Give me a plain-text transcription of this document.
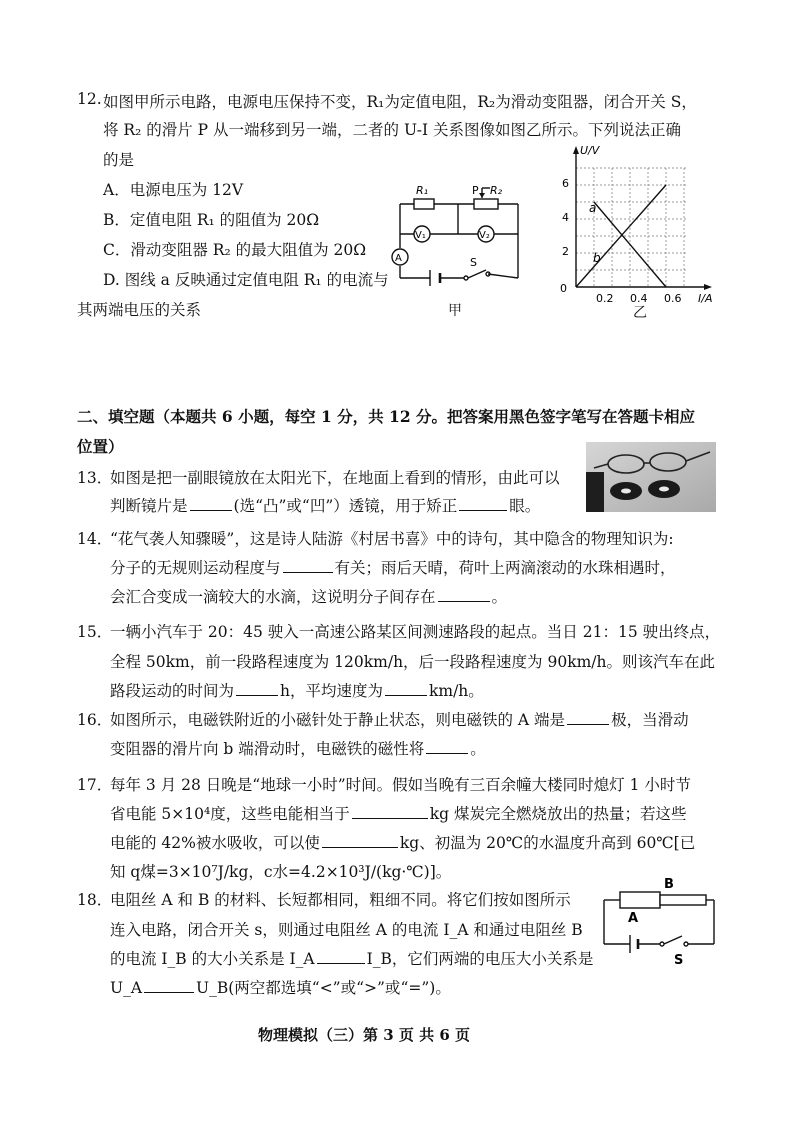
12. 如图甲所示电路，电源电压保持不变，R₁为定值电阻，R₂为滑动变阻器，闭合开关 S，
将 R₂ 的滑片 P 从一端移到另一端，二者的 U-I 关系图像如图乙所示。下列说法正确
的是
A．电源电压为 12V
B．定值电阻 R₁ 的阻值为 20Ω
C．滑动变阻器 R₂ 的最大阻值为 20Ω
D. 图线 a 反映通过定值电阻 R₁ 的电流与
其两端电压的关系
R₁	P R₂
V₁	V₂
A	S
甲
U/V
I/A
0
2
4
6
0.2 0.4 0.6
a
b
乙
二、填空题（本题共 6 小题，每空 1 分，共 12 分。把答案用黑色签字笔写在答题卡相应
位置）
13．
如图是把一副眼镜放在太阳光下，在地面上看到的情形，由此可以
判断镜片是	(选“凸”或“凹”）透镜，用于矫正	眼。
14．
“花气袭人知骤暖”，这是诗人陆游《村居书喜》中的诗句，其中隐含的物理知识为:
分子的无规则运动程度与	有关；雨后天晴，荷叶上两滴滚动的水珠相遇时，
会汇合变成一滴较大的水滴，这说明分子间存在	。
15．
一辆小汽车于 20：45 驶入一高速公路某区间测速路段的起点。当日 21：15 驶出终点，
全程 50km，前一段路程速度为 120km/h，后一段路程速度为 90km/h。则该汽车在此
路段运动的时间为	h，平均速度为	km/h。
16．
如图所示，电磁铁附近的小磁针处于静止状态，则电磁铁的 A 端是	极，当滑动
变阻器的滑片向 b 端滑动时，电磁铁的磁性将	。
17．
每年 3 月 28 日晚是“地球一小时”时间。假如当晚有三百余幢大楼同时熄灯 1 小时节
省电能 5×10⁴度，这些电能相当于	kg 煤炭完全燃烧放出的热量；若这些
电能的 42%被水吸收，可以使	kg、初温为 20℃的水温度升高到 60℃[已
知 q煤=3×10⁷J/kg，c水=4.2×10³J/(kg·℃)]。
18．
电阻丝 A 和 B 的材料、长短都相同，粗细不同。将它们按如图所示
连入电路，闭合开关 s，则通过电阻丝 A 的电流 I_A 和通过电阻丝 B
的电流 I_B 的大小关系是 I_A	I_B，它们两端的电压大小关系是
U_A	U_B(两空都选填“<”或“>”或“=”)。
B
A
S
物理模拟（三）第 3 页 共 6 页
